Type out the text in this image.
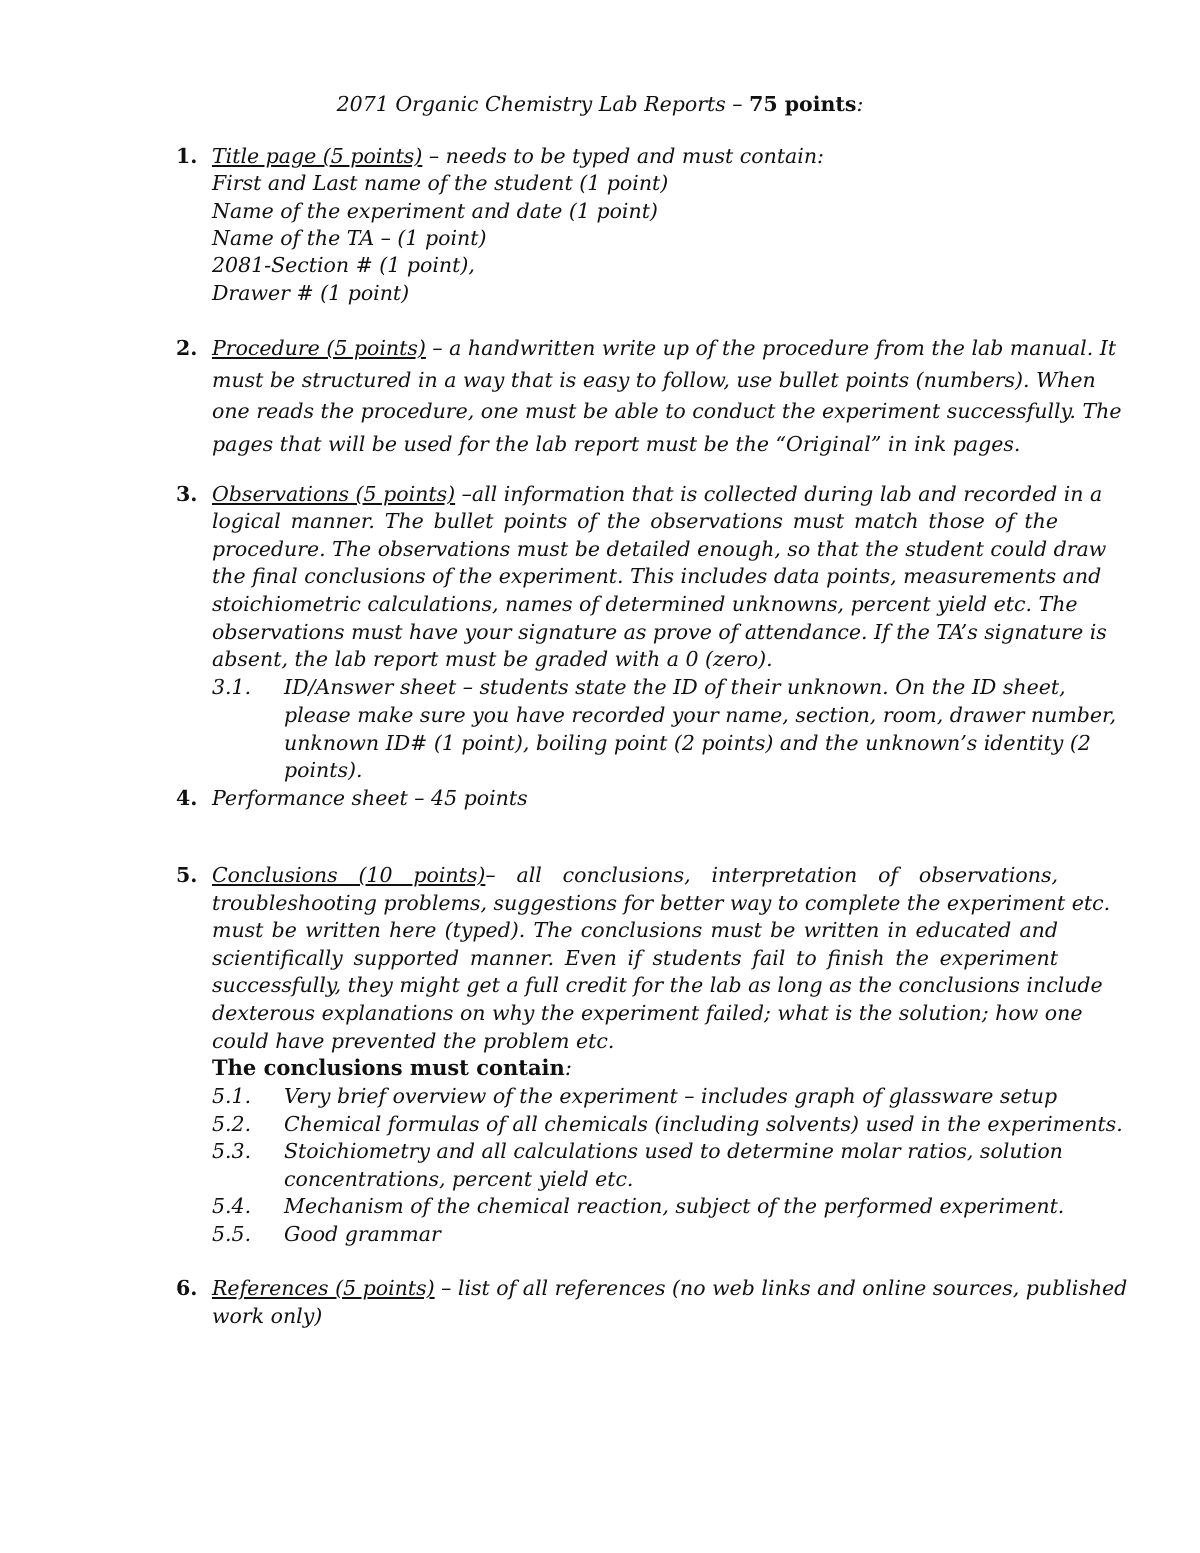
2071 Organic Chemistry Lab Reports – 75 points:
1. Title page (5 points) – needs to be typed and must contain:
First and Last name of the student (1 point)
Name of the experiment and date (1 point)
Name of the TA – (1 point)
2081-Section # (1 point),
Drawer # (1 point)
2. Procedure (5 points) – a handwritten write up of the procedure from the lab manual. It
must be structured in a way that is easy to follow, use bullet points (numbers). When
one reads the procedure, one must be able to conduct the experiment successfully. The
pages that will be used for the lab report must be the “Original” in ink pages.
3. Observations (5 points) –all information that is collected during lab and recorded in a
logical manner. The bullet points of the observations must match those of the
procedure. The observations must be detailed enough, so that the student could draw
the final conclusions of the experiment. This includes data points, measurements and
stoichiometric calculations, names of determined unknowns, percent yield etc. The
observations must have your signature as prove of attendance. If the TA’s signature is
absent, the lab report must be graded with a 0 (zero).
3.1. ID/Answer sheet – students state the ID of their unknown. On the ID sheet,
please make sure you have recorded your name, section, room, drawer number,
unknown ID# (1 point), boiling point (2 points) and the unknown’s identity (2
points).
4. Performance sheet – 45 points
5. Conclusions (10 points)– all conclusions, interpretation of observations,
troubleshooting problems, suggestions for better way to complete the experiment etc.
must be written here (typed). The conclusions must be written in educated and
scientifically supported manner. Even if students fail to finish the experiment
successfully, they might get a full credit for the lab as long as the conclusions include
dexterous explanations on why the experiment failed; what is the solution; how one
could have prevented the problem etc.
The conclusions must contain:
5.1. Very brief overview of the experiment – includes graph of glassware setup
5.2. Chemical formulas of all chemicals (including solvents) used in the experiments.
5.3. Stoichiometry and all calculations used to determine molar ratios, solution
concentrations, percent yield etc.
5.4. Mechanism of the chemical reaction, subject of the performed experiment.
5.5. Good grammar
6. References (5 points) – list of all references (no web links and online sources, published
work only)
